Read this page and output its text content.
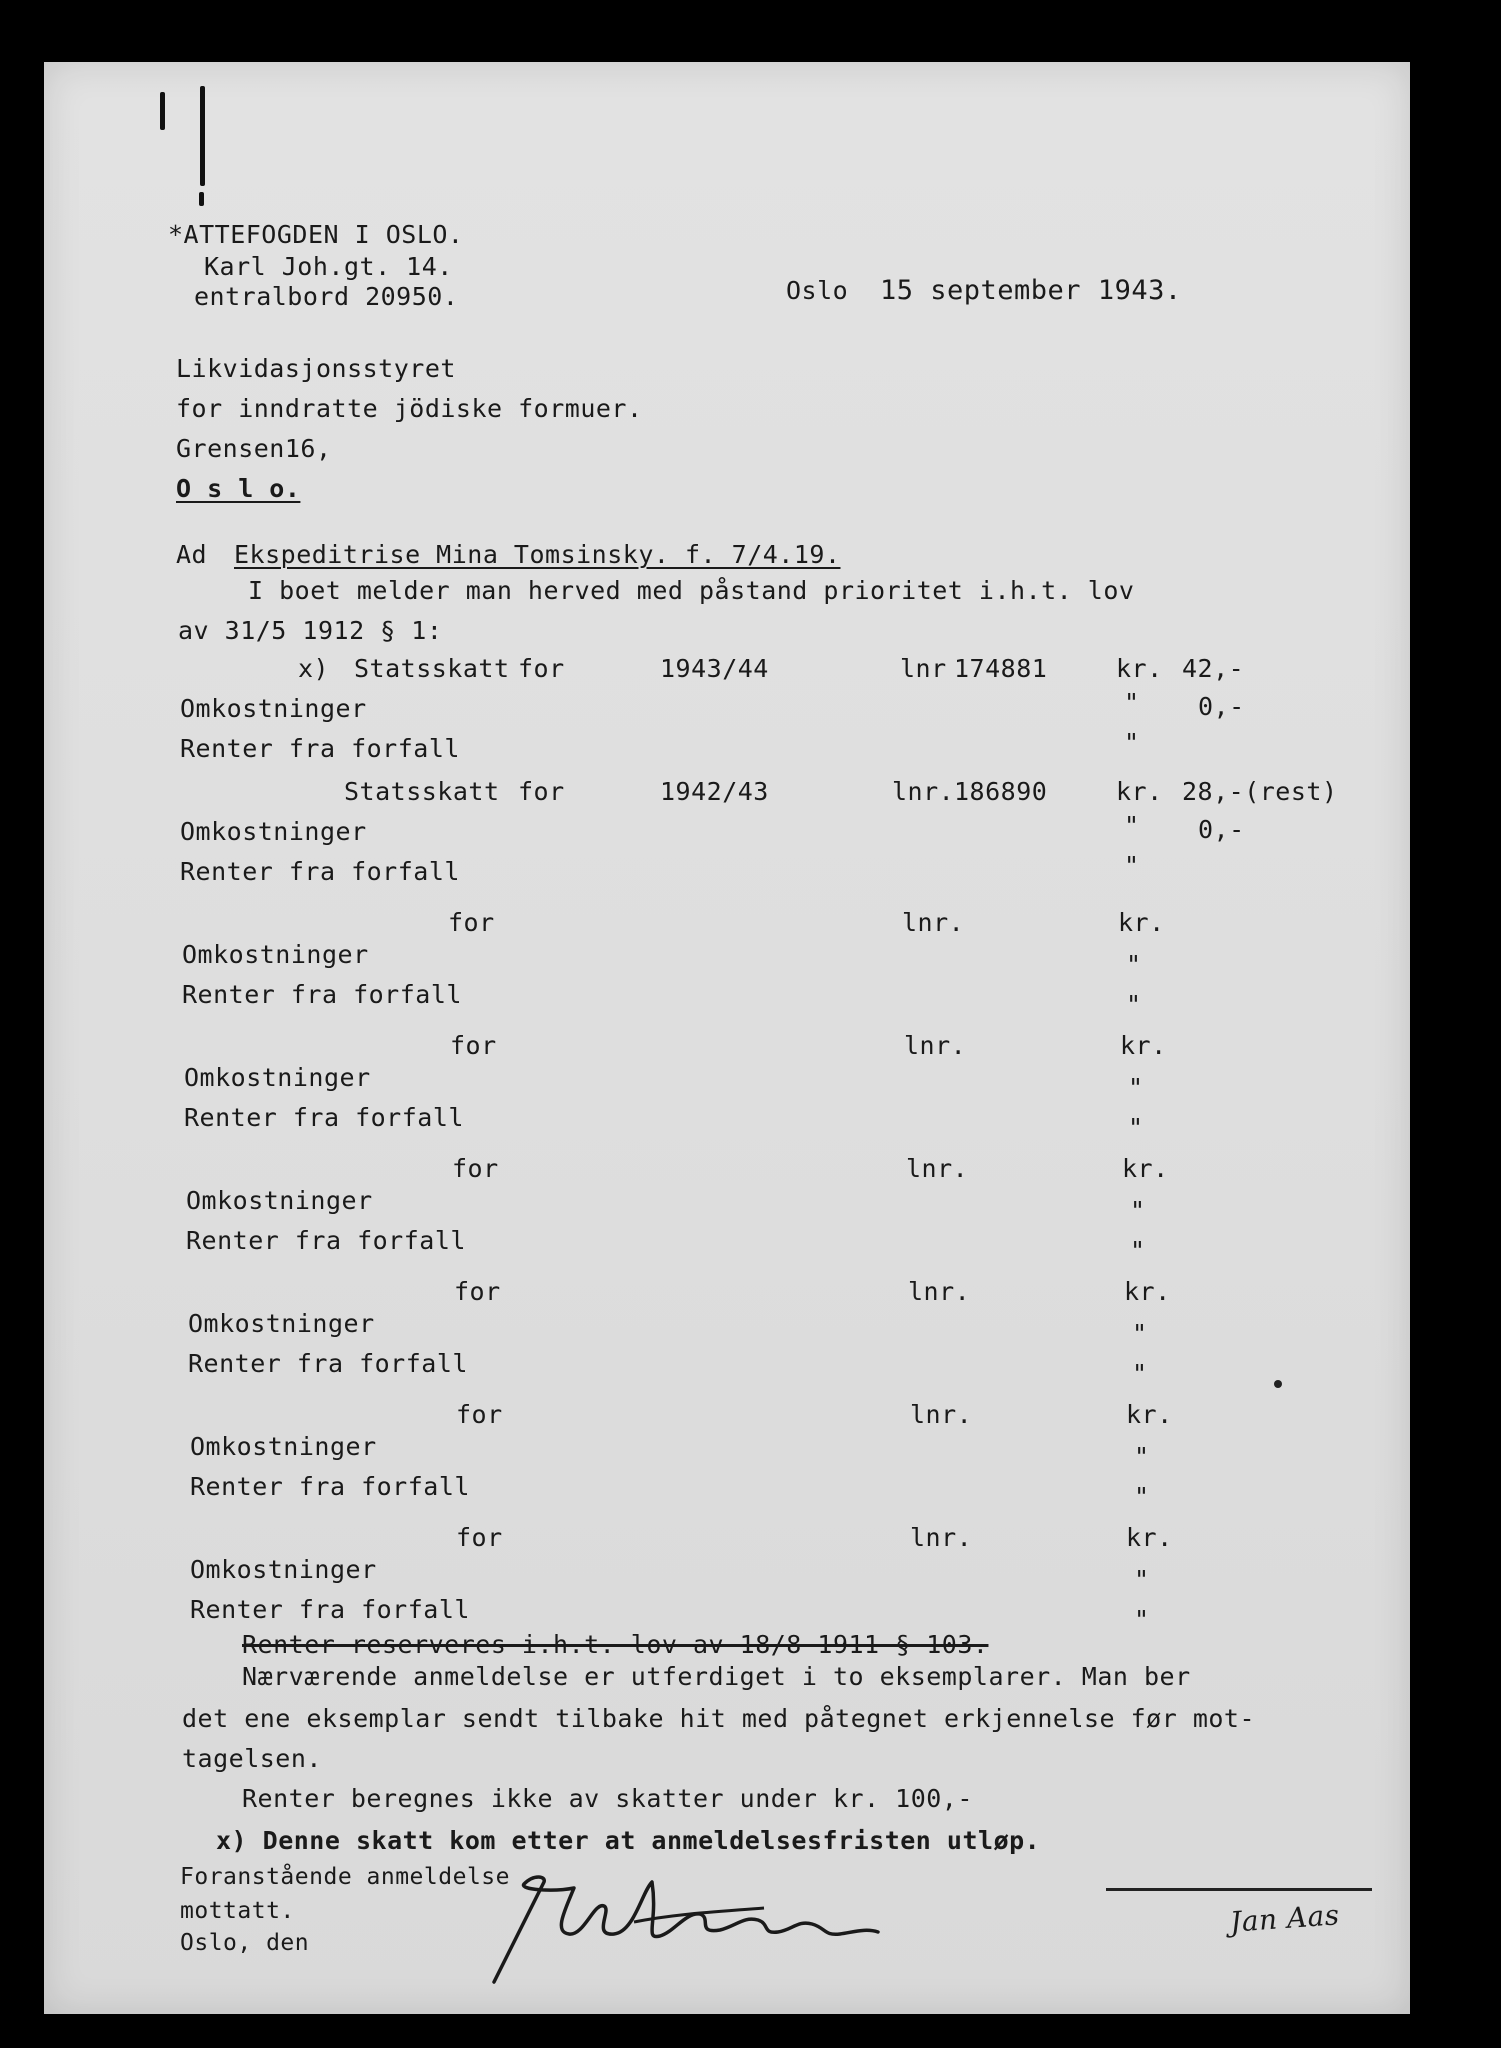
*ATTEFOGDEN I OSLO.
Karl Joh.gt. 14.
entralbord 20950.	Oslo 15 september 1943.
Likvidasjonsstyret
for inndratte jödiske formuer.
Grensen16,
O s l o.
Ad Ekspeditrise Mina Tomsinsky. f. 7/4.19.
I boet melder man herved med påstand prioritet i.h.t. lov
av 31/5 1912 § 1:
Renter reserveres i.h.t. lov av 18/8 1911 § 103.
Nærværende anmeldelse er utferdiget i to eksemplarer. Man ber
det ene eksemplar sendt tilbake hit med påtegnet erkjennelse før mot-
tagelsen.
Renter beregnes ikke av skatter under kr. 100,-
x) Denne skatt kom etter at anmeldelsesfristen utløp.
Foranstående anmeldelse
mottatt.
Oslo, den
Jan Aas
x) Statsskatt for	1943/44	lnr 174881	kr. 42,-
Omkostninger	" 0,-
Renter fra forfall	"
Statsskatt for	1942/43	lnr. 186890	kr. 28,-(rest)
Omkostninger	" 0,-
Renter fra forfall	"
for	lnr.	kr.
Omkostninger	"
Renter fra forfall	"
for	lnr.	kr.
Omkostninger	"
Renter fra forfall	"
for	lnr.	kr.
Omkostninger	"
Renter fra forfall	"
for	lnr.	kr.
Omkostninger	"
Renter fra forfall	"
for	lnr.	kr.
Omkostninger	"
Renter fra forfall	"
for	lnr.	kr.
Omkostninger	"
Renter fra forfall	"
